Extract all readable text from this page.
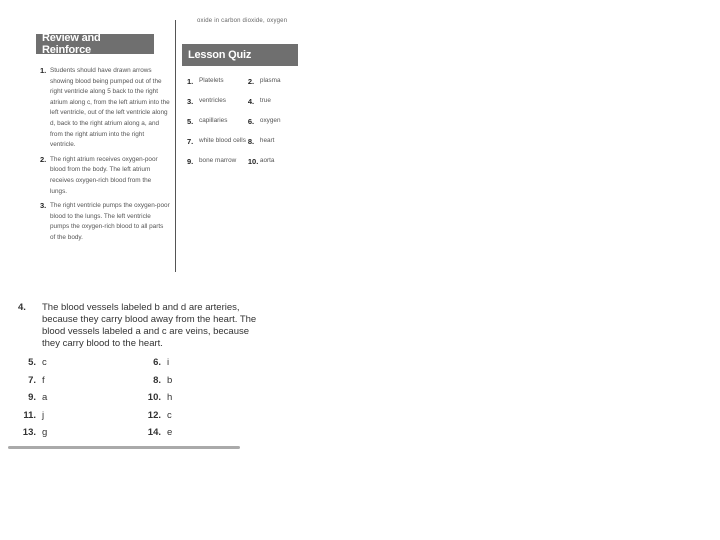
oxide in carbon dioxide, oxygen
Review and Reinforce
1. Students should have drawn arrows showing blood being pumped out of the right ventricle along 5 back to the right atrium along c, from the left atrium into the left ventricle, out of the left ventricle along d, back to the right atrium along a, and from the right atrium into the right ventricle.
2. The right atrium receives oxygen-poor blood from the body. The left atrium receives oxygen-rich blood from the lungs.
3. The right ventricle pumps the oxygen-poor blood to the lungs. The left ventricle pumps the oxygen-rich blood to all parts of the body.
Lesson Quiz
1. Platelets	2. plasma
3. ventricles	4. true
5. capillaries	6. oxygen
7. white blood cells 8. heart
9. bone marrow 10. aorta
4.	The blood vessels labeled b and d are arteries, because they carry blood away from the heart. The blood vessels labeled a and c are veins, because they carry blood to the heart.
5. c	6. i
7. f	8. b
9. a	10. h
11. j	12. c
13. g	14. e
